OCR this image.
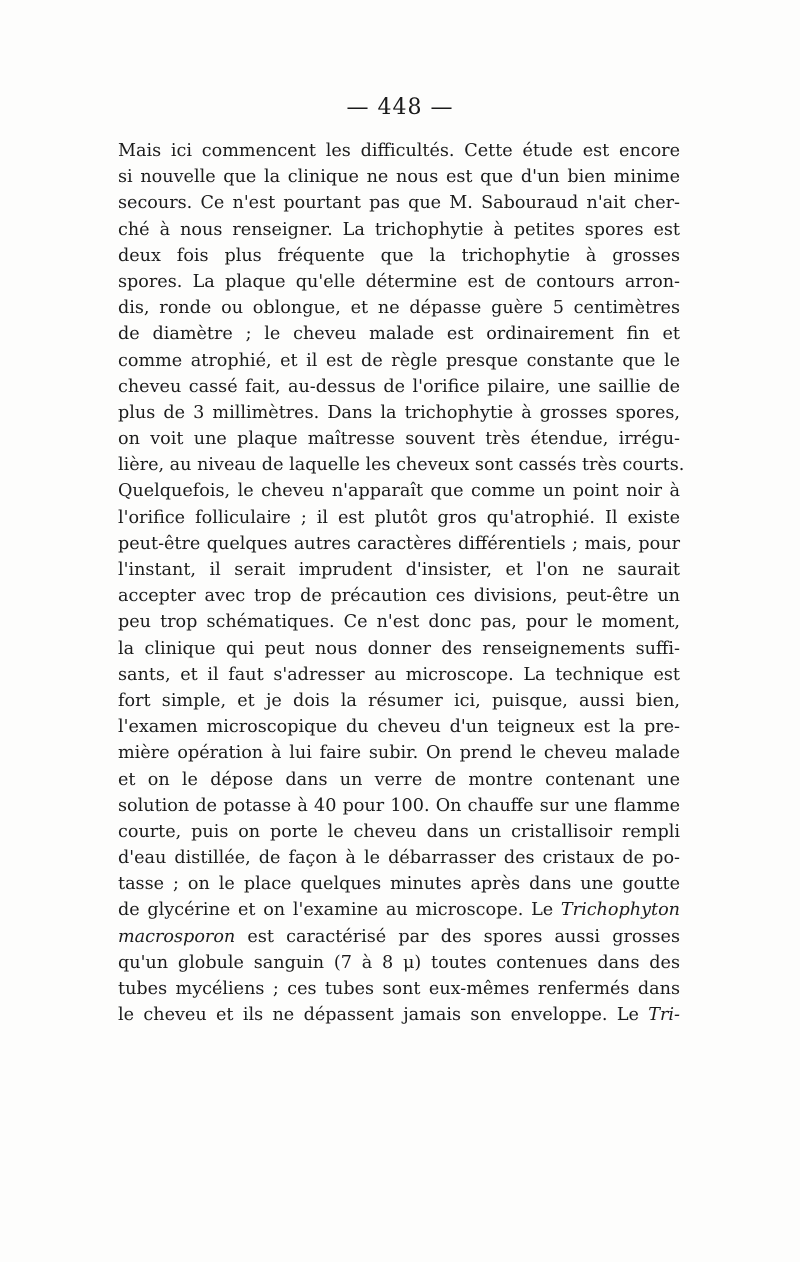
— 448 —
Mais ici commencent les difficultés. Cette étude est encore
si nouvelle que la clinique ne nous est que d'un bien minime
secours. Ce n'est pourtant pas que M. Sabouraud n'ait cher-
ché à nous renseigner. La trichophytie à petites spores est
deux fois plus fréquente que la trichophytie à grosses
spores. La plaque qu'elle détermine est de contours arron-
dis, ronde ou oblongue, et ne dépasse guère 5 centimètres
de diamètre ; le cheveu malade est ordinairement fin et
comme atrophié, et il est de règle presque constante que le
cheveu cassé fait, au-dessus de l'orifice pilaire, une saillie de
plus de 3 millimètres. Dans la trichophytie à grosses spores,
on voit une plaque maîtresse souvent très étendue, irrégu-
lière, au niveau de laquelle les cheveux sont cassés très courts.
Quelquefois, le cheveu n'apparaît que comme un point noir à
l'orifice folliculaire ; il est plutôt gros qu'atrophié. Il existe
peut-être quelques autres caractères différentiels ; mais, pour
l'instant, il serait imprudent d'insister, et l'on ne saurait
accepter avec trop de précaution ces divisions, peut-être un
peu trop schématiques. Ce n'est donc pas, pour le moment,
la clinique qui peut nous donner des renseignements suffi-
sants, et il faut s'adresser au microscope. La technique est
fort simple, et je dois la résumer ici, puisque, aussi bien,
l'examen microscopique du cheveu d'un teigneux est la pre-
mière opération à lui faire subir. On prend le cheveu malade
et on le dépose dans un verre de montre contenant une
solution de potasse à 40 pour 100. On chauffe sur une flamme
courte, puis on porte le cheveu dans un cristallisoir rempli
d'eau distillée, de façon à le débarrasser des cristaux de po-
tasse ; on le place quelques minutes après dans une goutte
de glycérine et on l'examine au microscope. Le Trichophyton
macrosporon est caractérisé par des spores aussi grosses
qu'un globule sanguin (7 à 8 μ) toutes contenues dans des
tubes mycéliens ; ces tubes sont eux-mêmes renfermés dans
le cheveu et ils ne dépassent jamais son enveloppe. Le Tri-
